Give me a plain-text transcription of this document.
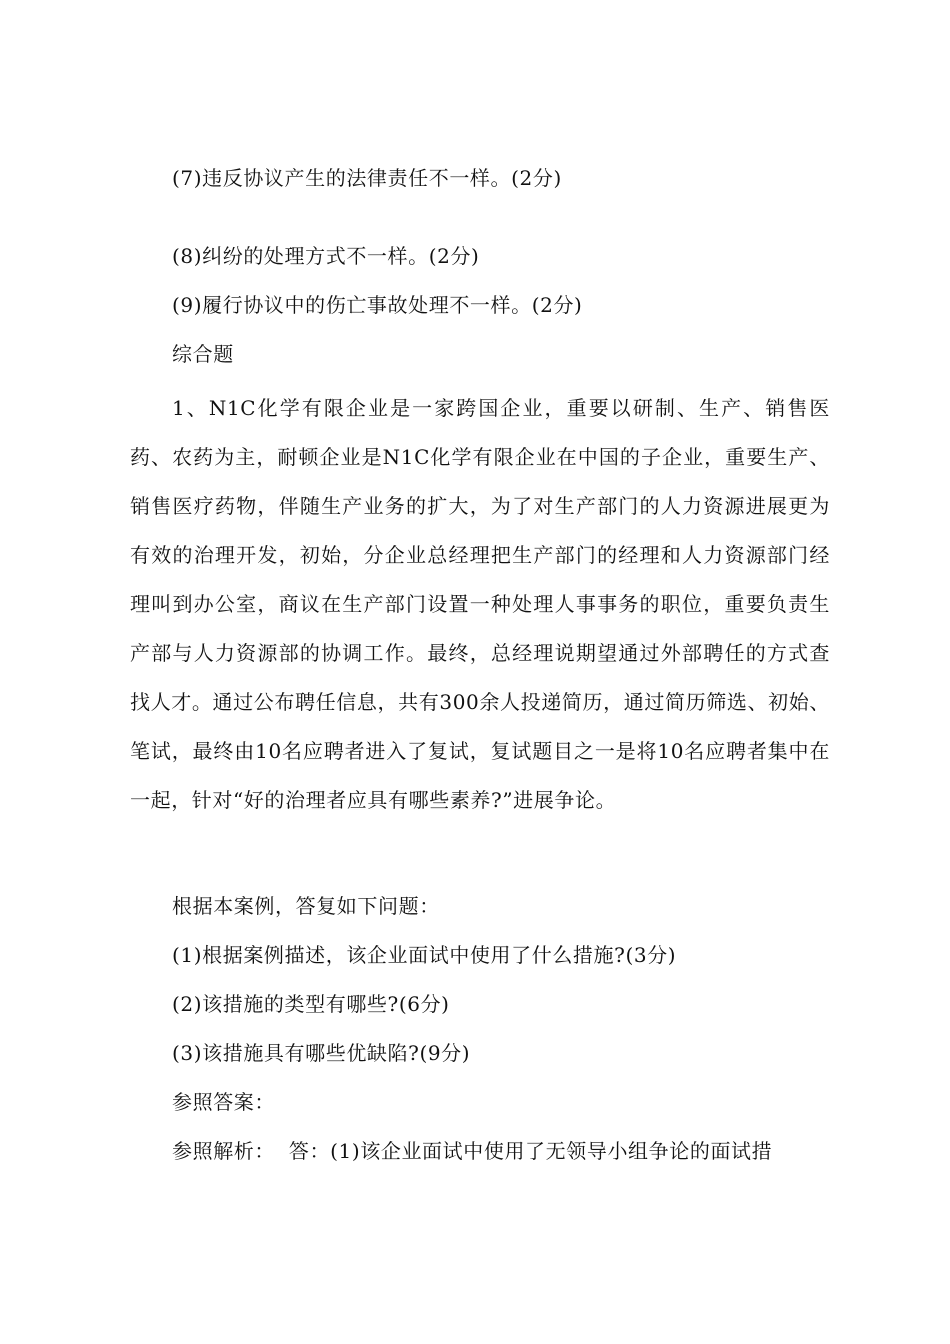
(7)违反协议产生的法律责任不一样。(2分)
(8)纠纷的处理方式不一样。(2分)
(9)履行协议中的伤亡事故处理不一样。(2分)
综合题
1、N1C化学有限企业是一家跨国企业，重要以研制、生产、销售医药、农药为主，耐顿企业是N1C化学有限企业在中国的子企业，重要生产、销售医疗药物，伴随生产业务的扩大，为了对生产部门的人力资源进展更为有效的治理开发，初始，分企业总经理把生产部门的经理和人力资源部门经理叫到办公室，商议在生产部门设置一种处理人事事务的职位，重要负责生产部与人力资源部的协调工作。最终，总经理说期望通过外部聘任的方式查找人才。通过公布聘任信息，共有300余人投递简历，通过简历筛选、初始、笔试，最终由10名应聘者进入了复试，复试题目之一是将10名应聘者集中在一起，针对“好的治理者应具有哪些素养?”进展争论。
根据本案例，答复如下问题：
(1)根据案例描述，该企业面试中使用了什么措施?(3分)
(2)该措施的类型有哪些?(6分)
(3)该措施具有哪些优缺陷?(9分)
参照答案：
参照解析：  答：(1)该企业面试中使用了无领导小组争论的面试措
